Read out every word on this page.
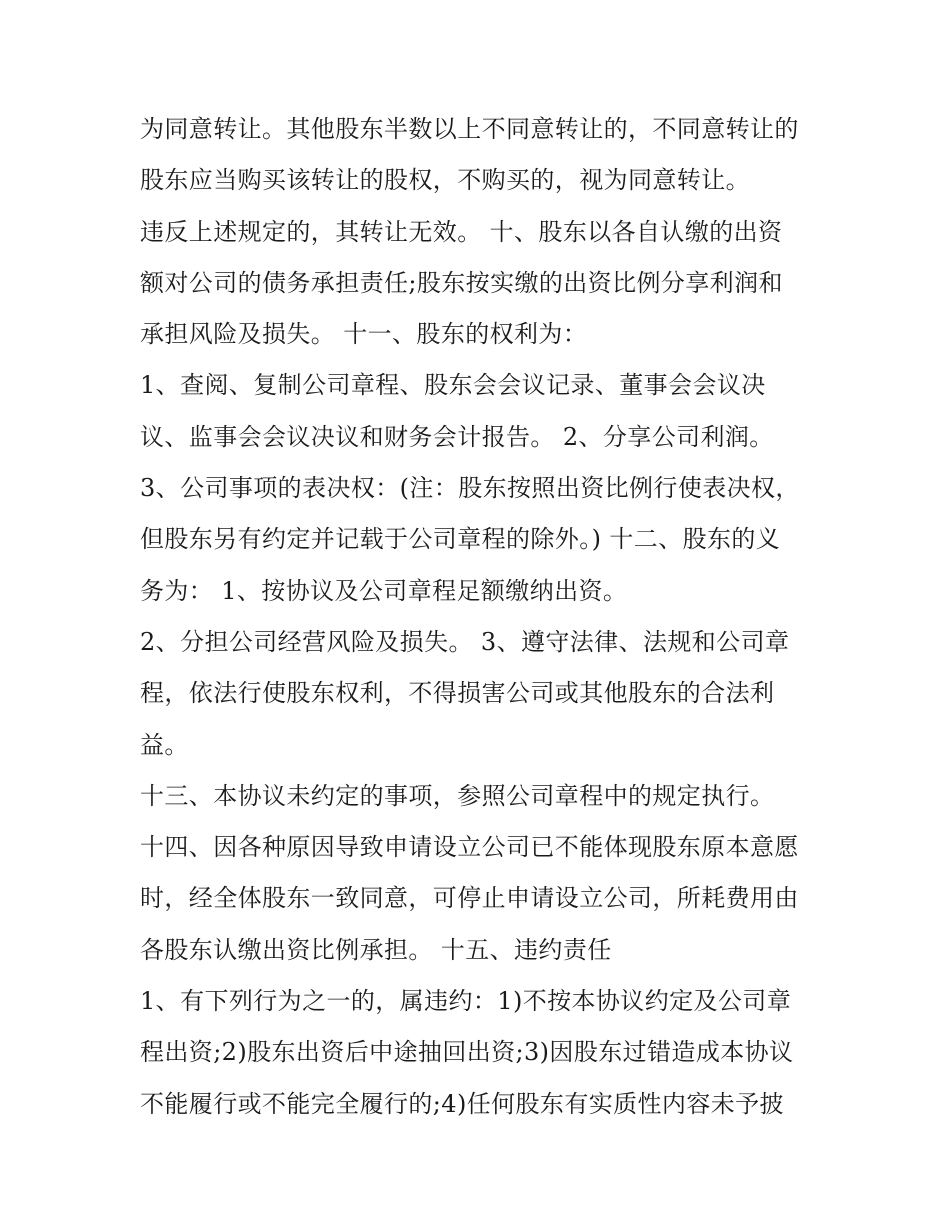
为同意转让。其他股东半数以上不同意转让的，不同意转让的
股东应当购买该转让的股权，不购买的，视为同意转让。
违反上述规定的，其转让无效。 十、股东以各自认缴的出资
额对公司的债务承担责任;股东按实缴的出资比例分享利润和
承担风险及损失。 十一、股东的权利为：
1、查阅、复制公司章程、股东会会议记录、董事会会议决
议、监事会会议决议和财务会计报告。 2、分享公司利润。
3、公司事项的表决权：(注：股东按照出资比例行使表决权，
但股东另有约定并记载于公司章程的除外。) 十二、股东的义
务为： 1、按协议及公司章程足额缴纳出资。
2、分担公司经营风险及损失。 3、遵守法律、法规和公司章
程，依法行使股东权利，不得损害公司或其他股东的合法利
益。
十三、本协议未约定的事项，参照公司章程中的规定执行。
十四、因各种原因导致申请设立公司已不能体现股东原本意愿
时，经全体股东一致同意，可停止申请设立公司，所耗费用由
各股东认缴出资比例承担。 十五、违约责任
1、有下列行为之一的，属违约：1)不按本协议约定及公司章
程出资;2)股东出资后中途抽回出资;3)因股东过错造成本协议
不能履行或不能完全履行的;4)任何股东有实质性内容未予披
